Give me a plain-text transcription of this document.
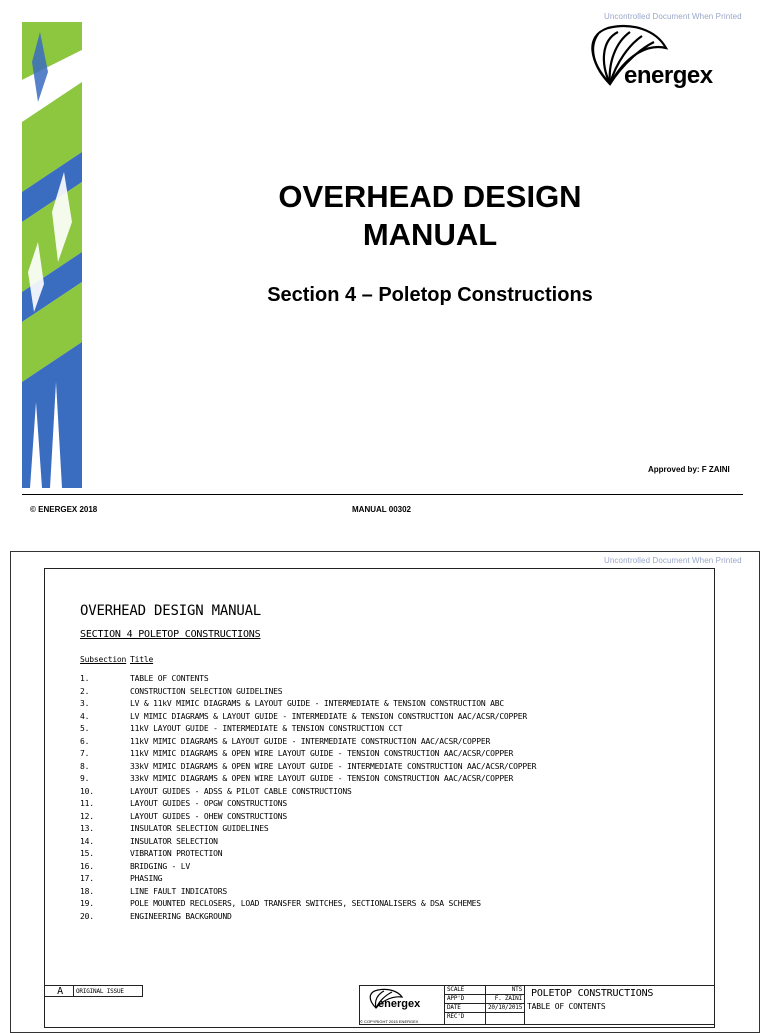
Uncontrolled Document When Printed
energex
OVERHEAD DESIGN
MANUAL
Section 4 – Poletop Constructions
Approved by: F ZAINI
© ENERGEX 2018	MANUAL 00302
Uncontrolled Document When Printed
OVERHEAD DESIGN MANUAL
SECTION 4 POLETOP CONSTRUCTIONS
Subsection Title
1.	TABLE OF CONTENTS
2.	CONSTRUCTION SELECTION GUIDELINES
3.	LV & 11kV MIMIC DIAGRAMS & LAYOUT GUIDE - INTERMEDIATE & TENSION CONSTRUCTION ABC
4.	LV MIMIC DIAGRAMS & LAYOUT GUIDE - INTERMEDIATE & TENSION CONSTRUCTION AAC/ACSR/COPPER
5.	11kV LAYOUT GUIDE - INTERMEDIATE & TENSION CONSTRUCTION CCT
6.	11kV MIMIC DIAGRAMS & LAYOUT GUIDE - INTERMEDIATE CONSTRUCTION AAC/ACSR/COPPER
7.	11kV MIMIC DIAGRAMS & OPEN WIRE LAYOUT GUIDE - TENSION CONSTRUCTION AAC/ACSR/COPPER
8.	33kV MIMIC DIAGRAMS & OPEN WIRE LAYOUT GUIDE - INTERMEDIATE CONSTRUCTION AAC/ACSR/COPPER
9.	33kV MIMIC DIAGRAMS & OPEN WIRE LAYOUT GUIDE - TENSION CONSTRUCTION AAC/ACSR/COPPER
10.	LAYOUT GUIDES - ADSS & PILOT CABLE CONSTRUCTIONS
11.	LAYOUT GUIDES - OPGW CONSTRUCTIONS
12.	LAYOUT GUIDES - OHEW CONSTRUCTIONS
13.	INSULATOR SELECTION GUIDELINES
14.	INSULATOR SELECTION
15.	VIBRATION PROTECTION
16.	BRIDGING - LV
17.	PHASING
18.	LINE FAULT INDICATORS
19.	POLE MOUNTED RECLOSERS, LOAD TRANSFER SWITCHES, SECTIONALISERS & DSA SCHEMES
20.	ENGINEERING BACKGROUND
A	ORIGINAL ISSUE
energex
© COPYRIGHT 2015 ENERGEX
SCALE	NTS
APP'D	F. ZAINI
DATE	20/10/2015
REC'D
POLETOP CONSTRUCTIONS
TABLE OF CONTENTS
